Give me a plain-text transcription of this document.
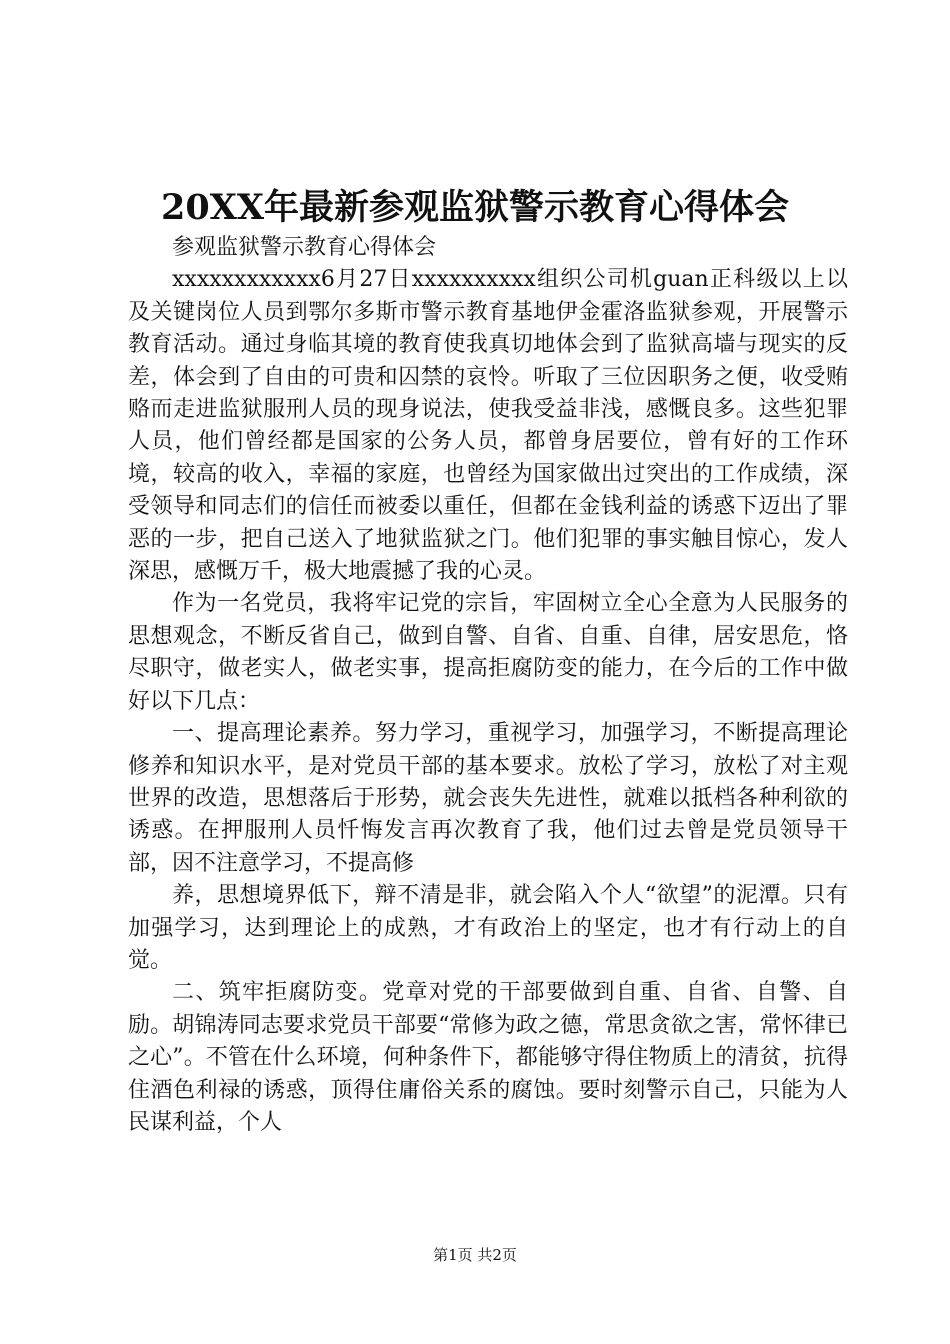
20XX年最新参观监狱警示教育心得体会

参观监狱警示教育心得体会

xxxxxxxxxxxx6月27日xxxxxxxxxx组织公司机guan正科级以上以及关键岗位人员到鄂尔多斯市警示教育基地伊金霍洛监狱参观，开展警示教育活动。通过身临其境的教育使我真切地体会到了监狱高墙与现实的反差，体会到了自由的可贵和囚禁的哀怜。听取了三位因职务之便，收受贿赂而走进监狱服刑人员的现身说法，使我受益非浅，感慨良多。这些犯罪人员，他们曾经都是国家的公务人员，都曾身居要位，曾有好的工作环境，较高的收入，幸福的家庭，也曾经为国家做出过突出的工作成绩，深受领导和同志们的信任而被委以重任，但都在金钱利益的诱惑下迈出了罪恶的一步，把自己送入了地狱监狱之门。他们犯罪的事实触目惊心，发人深思，感慨万千，极大地震撼了我的心灵。

作为一名党员，我将牢记党的宗旨，牢固树立全心全意为人民服务的思想观念，不断反省自己，做到自警、自省、自重、自律，居安思危，恪尽职守，做老实人，做老实事，提高拒腐防变的能力，在今后的工作中做好以下几点：

一、提高理论素养。努力学习，重视学习，加强学习，不断提高理论修养和知识水平，是对党员干部的基本要求。放松了学习，放松了对主观世界的改造，思想落后于形势，就会丧失先进性，就难以抵档各种利欲的诱惑。在押服刑人员忏悔发言再次教育了我，他们过去曾是党员领导干部，因不注意学习，不提高修

养，思想境界低下，辩不清是非，就会陷入个人“欲望”的泥潭。只有加强学习，达到理论上的成熟，才有政治上的坚定，也才有行动上的自觉。

二、筑牢拒腐防变。党章对党的干部要做到自重、自省、自警、自励。胡锦涛同志要求党员干部要“常修为政之德，常思贪欲之害，常怀律已之心”。不管在什么环境，何种条件下，都能够守得住物质上的清贫，抗得住酒色利禄的诱惑，顶得住庸俗关系的腐蚀。要时刻警示自己，只能为人民谋利益，个人

第1页 共2页
